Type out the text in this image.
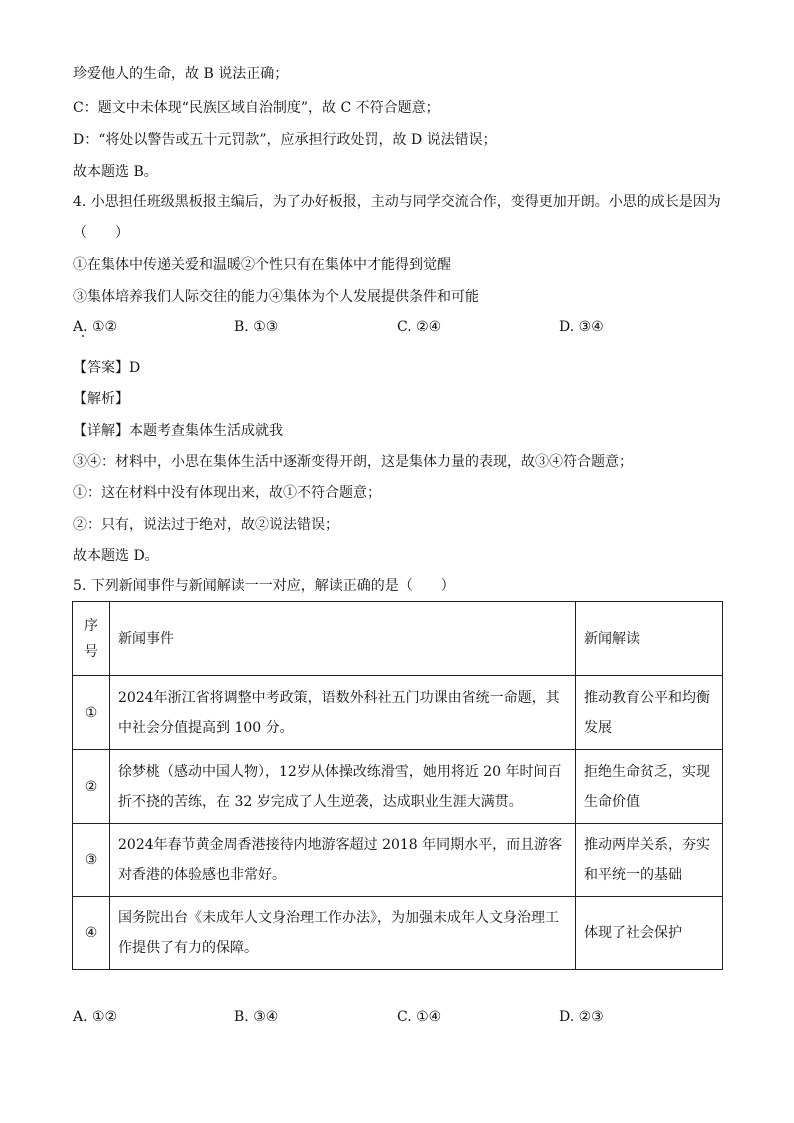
珍爱他人的生命，故 B 说法正确；
C：题文中未体现“民族区域自治制度”，故 C 不符合题意；
D：“将处以警告或五十元罚款”，应承担行政处罚，故 D 说法错误；
故本题选 B。
4. 小思担任班级黑板报主编后，为了办好板报，主动与同学交流合作，变得更加开朗。小思的成长是因为
（　　）
①在集体中传递关爱和温暖②个性只有在集体中才能得到觉醒
③集体培养我们人际交往的能力④集体为个人发展提供条件和可能
A. ①②	B. ①③	C. ②④	D. ③④
【答案】D
【解析】
【详解】本题考查集体生活成就我
③④：材料中，小思在集体生活中逐渐变得开朗，这是集体力量的表现，故③④符合题意；
①：这在材料中没有体现出来，故①不符合题意；
②：只有，说法过于绝对，故②说法错误；
故本题选 D。
5. 下列新闻事件与新闻解读一一对应，解读正确的是（　　）
序
号	新闻事件	新闻解读
①	2024年浙江省将调整中考政策，语数外科社五门功课由省统一命题，其中社会分值提高到 100 分。	推动教育公平和均衡发展
②	徐梦桃（感动中国人物），12岁从体操改练滑雪，她用将近 20 年时间百折不挠的苦练，在 32 岁完成了人生逆袭，达成职业生涯大满贯。	拒绝生命贫乏，实现生命价值
③	2024年春节黄金周香港接待内地游客超过 2018 年同期水平，而且游客对香港的体验感也非常好。	推动两岸关系，夯实和平统一的基础
④	国务院出台《未成年人文身治理工作办法》，为加强未成年人文身治理工作提供了有力的保障。	体现了社会保护
A. ①②	B. ③④	C. ①④	D. ②③
